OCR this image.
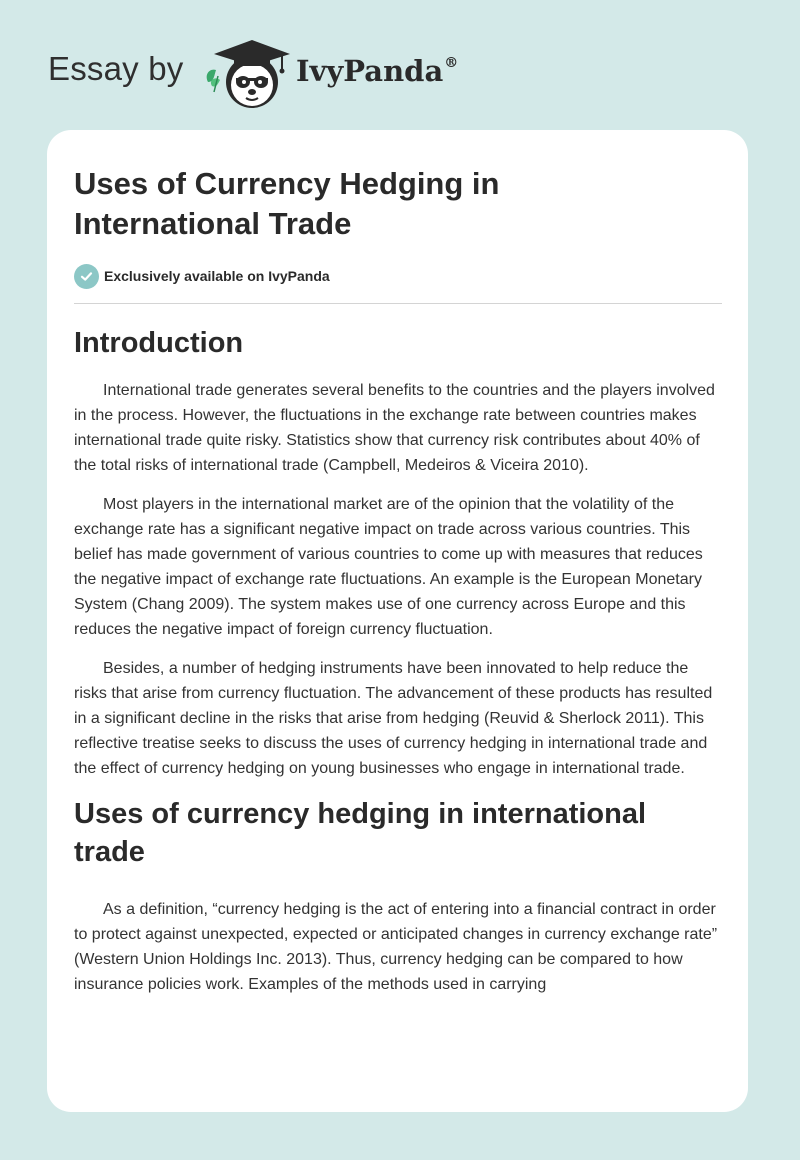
Essay by	IvyPanda®
Uses of Currency Hedging in International Trade
Exclusively available on IvyPanda
Introduction

International trade generates several benefits to the countries and the players involved in the process. However, the fluctuations in the exchange rate between countries makes international trade quite risky. Statistics show that currency risk contributes about 40% of the total risks of international trade (Campbell, Medeiros & Viceira 2010).

Most players in the international market are of the opinion that the volatility of the exchange rate has a significant negative impact on trade across various countries. This belief has made government of various countries to come up with measures that reduces the negative impact of exchange rate fluctuations. An example is the European Monetary System (Chang 2009). The system makes use of one currency across Europe and this reduces the negative impact of foreign currency fluctuation.

Besides, a number of hedging instruments have been innovated to help reduce the risks that arise from currency fluctuation. The advancement of these products has resulted in a significant decline in the risks that arise from hedging (Reuvid & Sherlock 2011). This reflective treatise seeks to discuss the uses of currency hedging in international trade and the effect of currency hedging on young businesses who engage in international trade.

Uses of currency hedging in international trade

As a definition, “currency hedging is the act of entering into a financial contract in order to protect against unexpected, expected or anticipated changes in currency exchange rate” (Western Union Holdings Inc. 2013). Thus, currency hedging can be compared to how insurance policies work. Examples of the methods used in carrying
